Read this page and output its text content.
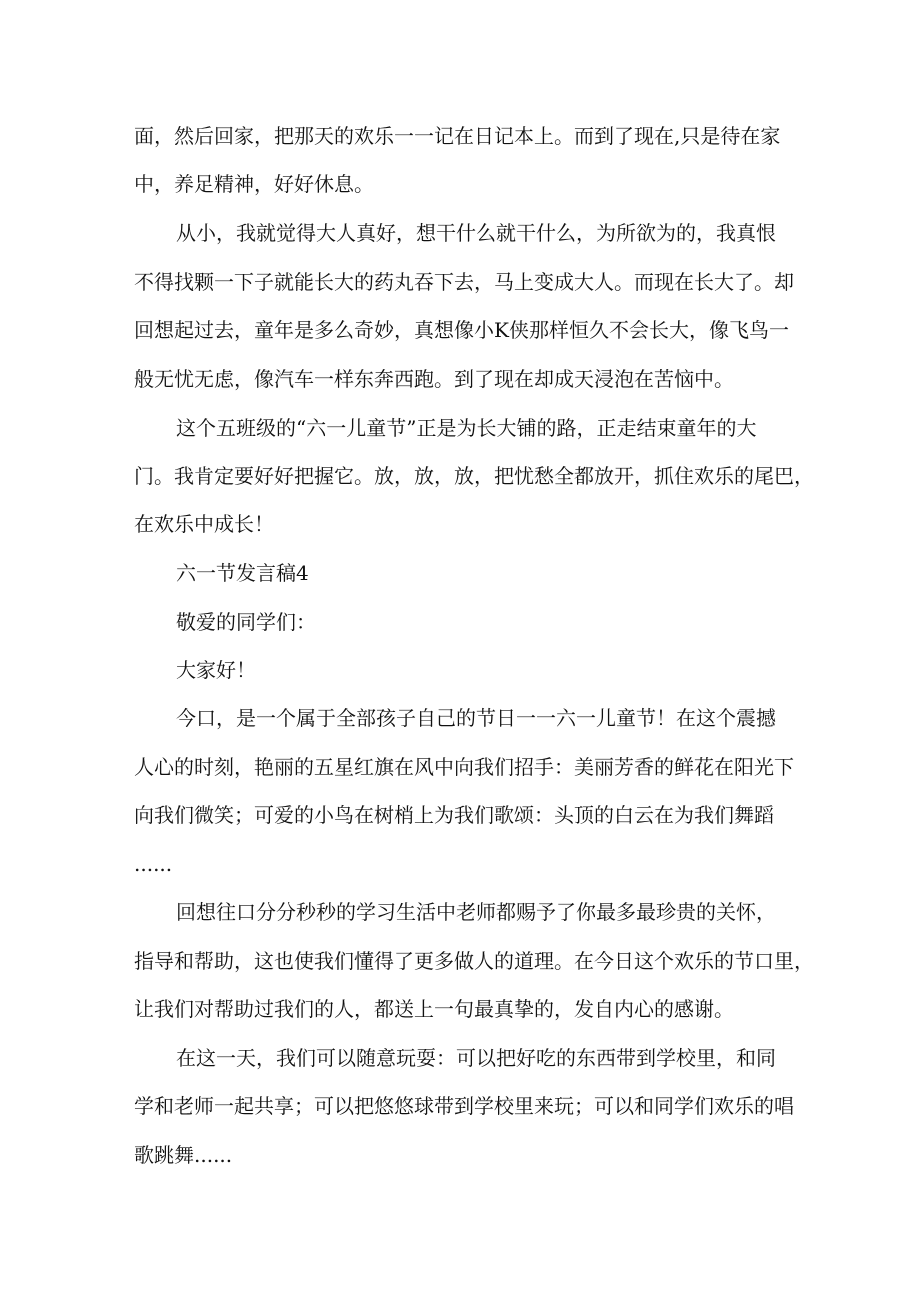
面，然后回家，把那天的欢乐一一记在日记本上。而到了现在,只是待在家

中，养足精神，好好休息。

从小，我就觉得大人真好，想干什么就干什么，为所欲为的，我真恨

不得找颗一下子就能长大的药丸吞下去，马上变成大人。而现在长大了。却

回想起过去，童年是多么奇妙，真想像小K侠那样恒久不会长大，像飞鸟一

般无忧无虑，像汽车一样东奔西跑。到了现在却成天浸泡在苦恼中。

这个五班级的“六一儿童节”正是为长大铺的路，正走结束童年的大

门。我肯定要好好把握它。放，放，放，把忧愁全都放开，抓住欢乐的尾巴，

在欢乐中成长！

六一节发言稿4

敬爱的同学们：

大家好！

今口，是一个属于全部孩子自己的节日一一六一儿童节！在这个震撼

人心的时刻，艳丽的五星红旗在风中向我们招手：美丽芳香的鲜花在阳光下

向我们微笑；可爱的小鸟在树梢上为我们歌颂：头顶的白云在为我们舞蹈

......

回想往口分分秒秒的学习生活中老师都赐予了你最多最珍贵的关怀，

指导和帮助，这也使我们懂得了更多做人的道理。在今日这个欢乐的节口里，

让我们对帮助过我们的人，都送上一句最真挚的，发自内心的感谢。

在这一天，我们可以随意玩耍：可以把好吃的东西带到学校里，和同

学和老师一起共享；可以把悠悠球带到学校里来玩；可以和同学们欢乐的唱

歌跳舞......
